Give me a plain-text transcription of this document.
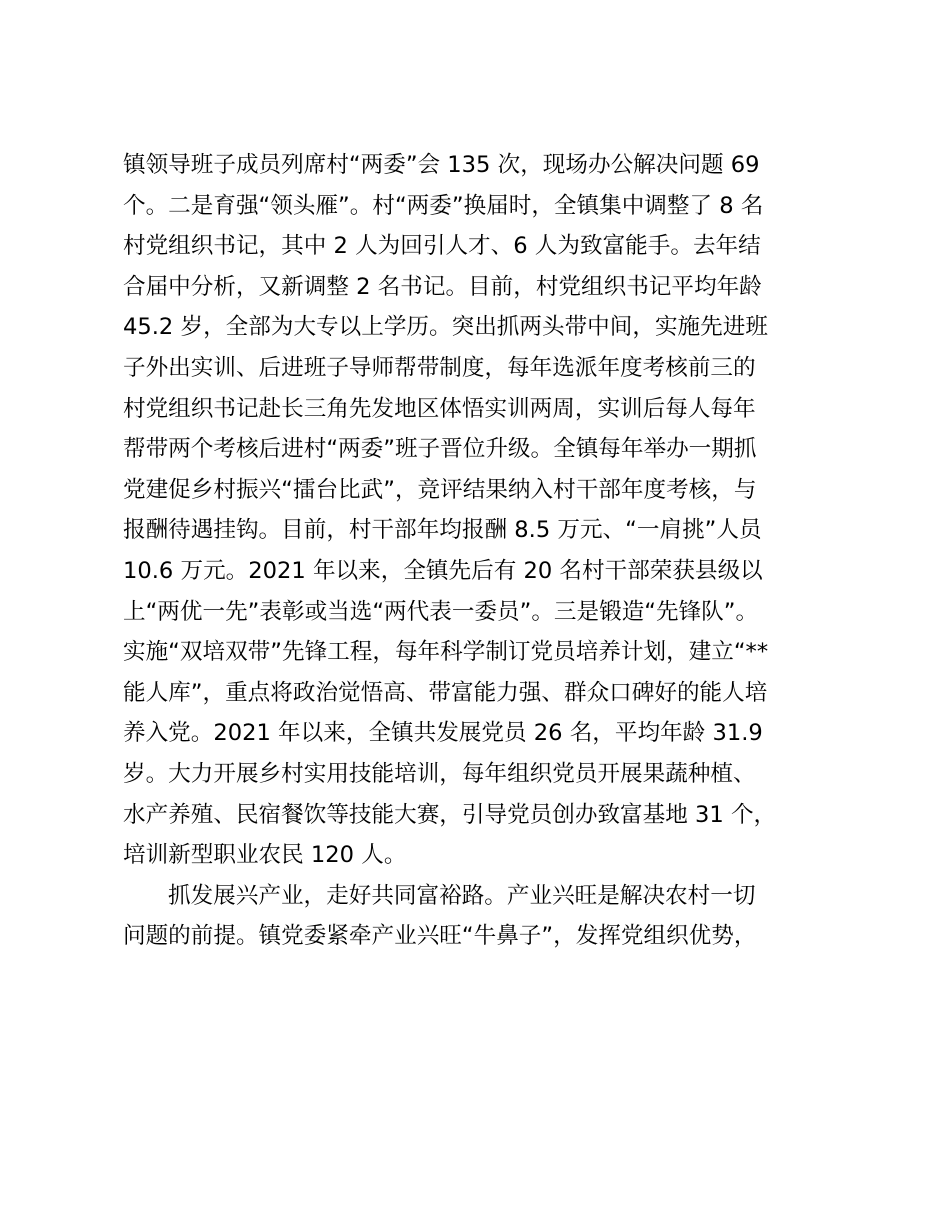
镇领导班子成员列席村“两委”会 135 次，现场办公解决问题 69
个。二是育强“领头雁”。村“两委”换届时，全镇集中调整了 8 名
村党组织书记，其中 2 人为回引人才、6 人为致富能手。去年结
合届中分析，又新调整 2 名书记。目前，村党组织书记平均年龄
45.2 岁，全部为大专以上学历。突出抓两头带中间，实施先进班
子外出实训、后进班子导师帮带制度，每年选派年度考核前三的
村党组织书记赴长三角先发地区体悟实训两周，实训后每人每年
帮带两个考核后进村“两委”班子晋位升级。全镇每年举办一期抓
党建促乡村振兴“擂台比武”，竞评结果纳入村干部年度考核，与
报酬待遇挂钩。目前，村干部年均报酬 8.5 万元、“一肩挑”人员
10.6 万元。2021 年以来，全镇先后有 20 名村干部荣获县级以
上“两优一先”表彰或当选“两代表一委员”。三是锻造“先锋队”。
实施“双培双带”先锋工程，每年科学制订党员培养计划，建立“**
能人库”，重点将政治觉悟高、带富能力强、群众口碑好的能人培
养入党。2021 年以来，全镇共发展党员 26 名，平均年龄 31.9
岁。大力开展乡村实用技能培训，每年组织党员开展果蔬种植、
水产养殖、民宿餐饮等技能大赛，引导党员创办致富基地 31 个，
培训新型职业农民 120 人。
抓发展兴产业，走好共同富裕路。产业兴旺是解决农村一切
问题的前提。镇党委紧牵产业兴旺“牛鼻子”，发挥党组织优势，
